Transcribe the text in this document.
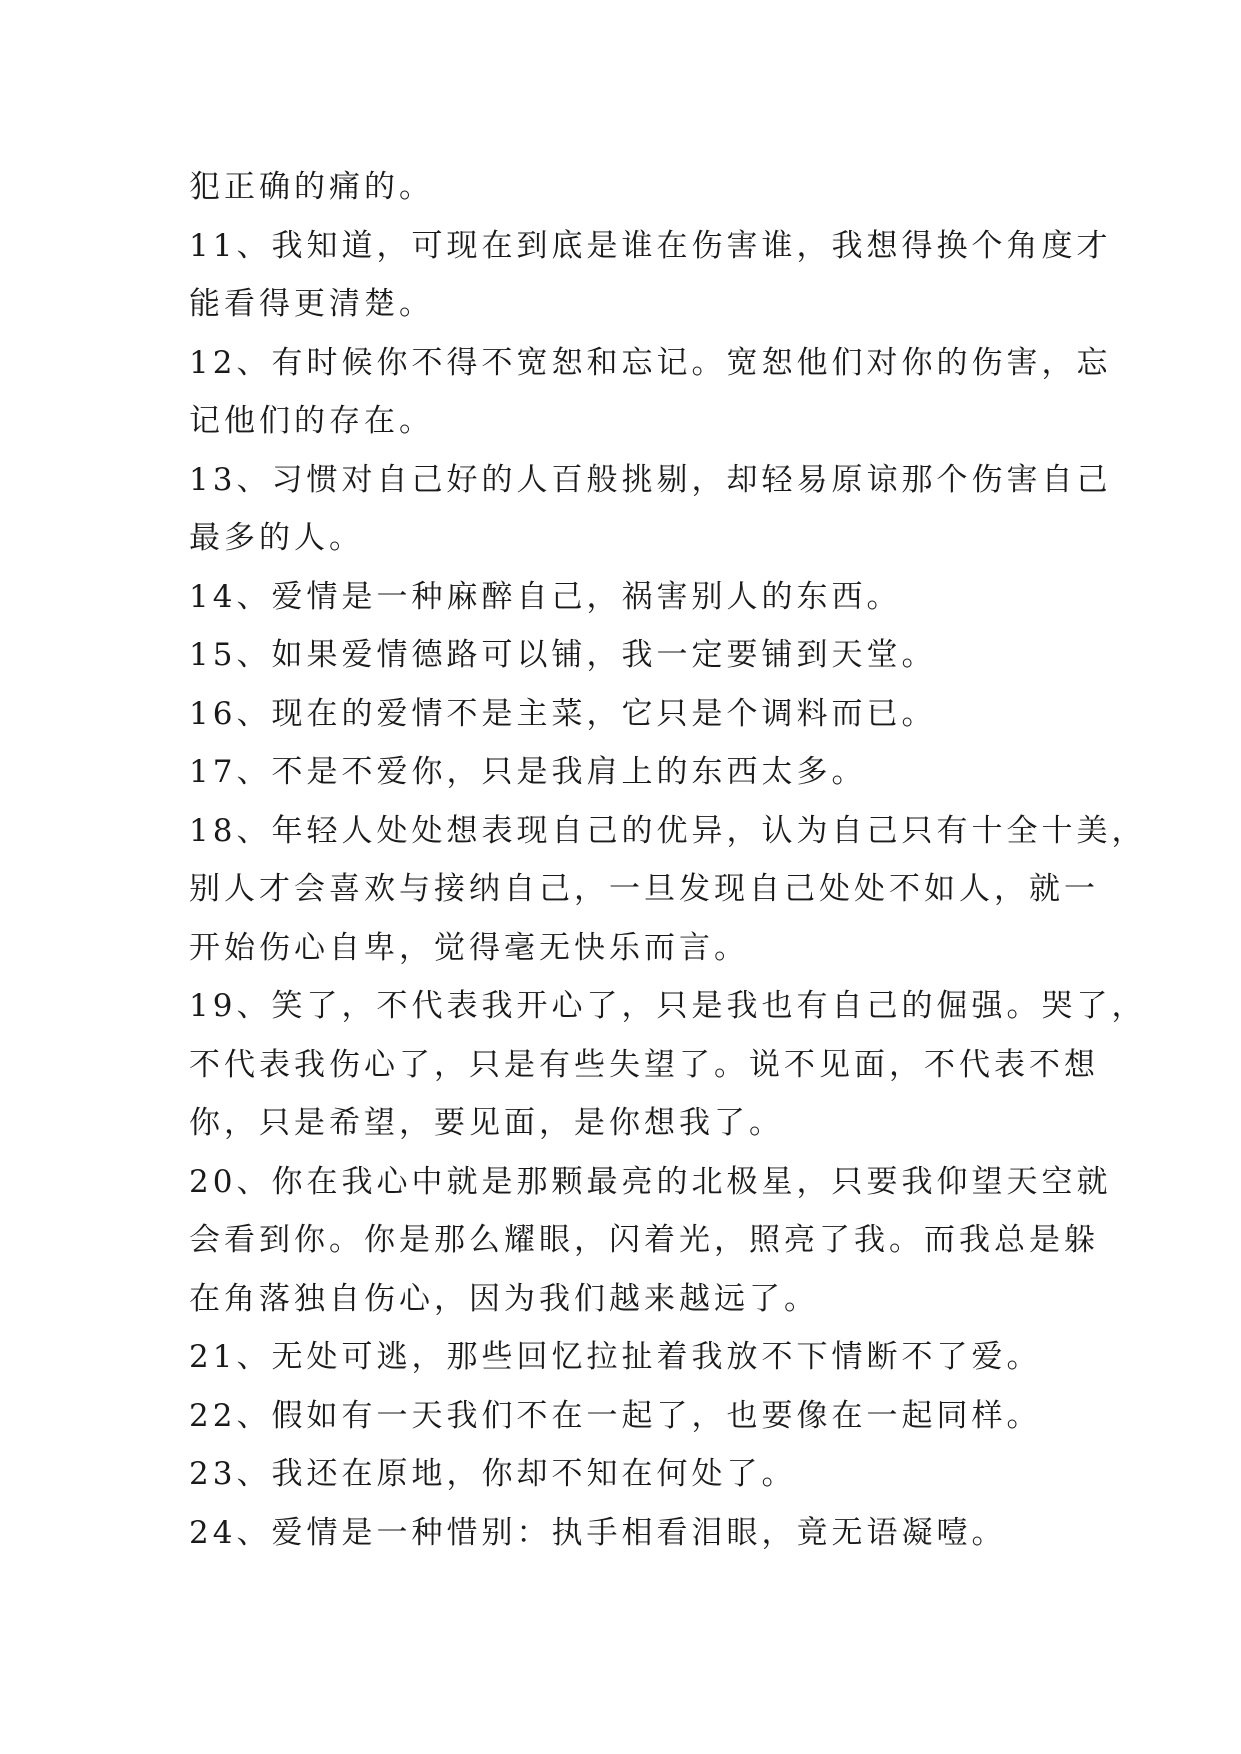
犯正确的痛的。
11、我知道，可现在到底是谁在伤害谁，我想得换个角度才
能看得更清楚。
12、有时候你不得不宽恕和忘记。宽恕他们对你的伤害，忘
记他们的存在。
13、习惯对自己好的人百般挑剔，却轻易原谅那个伤害自己
最多的人。
14、爱情是一种麻醉自己，祸害别人的东西。
15、如果爱情德路可以铺，我一定要铺到天堂。
16、现在的爱情不是主菜，它只是个调料而已。
17、不是不爱你，只是我肩上的东西太多。
18、年轻人处处想表现自己的优异，认为自己只有十全十美，
别人才会喜欢与接纳自己，一旦发现自己处处不如人，就一
开始伤心自卑，觉得毫无快乐而言。
19、笑了，不代表我开心了，只是我也有自己的倔强。哭了，
不代表我伤心了，只是有些失望了。说不见面，不代表不想
你，只是希望，要见面，是你想我了。
20、你在我心中就是那颗最亮的北极星，只要我仰望天空就
会看到你。你是那么耀眼，闪着光，照亮了我。而我总是躲
在角落独自伤心，因为我们越来越远了。
21、无处可逃，那些回忆拉扯着我放不下情断不了爱。
22、假如有一天我们不在一起了，也要像在一起同样。
23、我还在原地，你却不知在何处了。
24、爱情是一种惜别：执手相看泪眼，竟无语凝噎。
